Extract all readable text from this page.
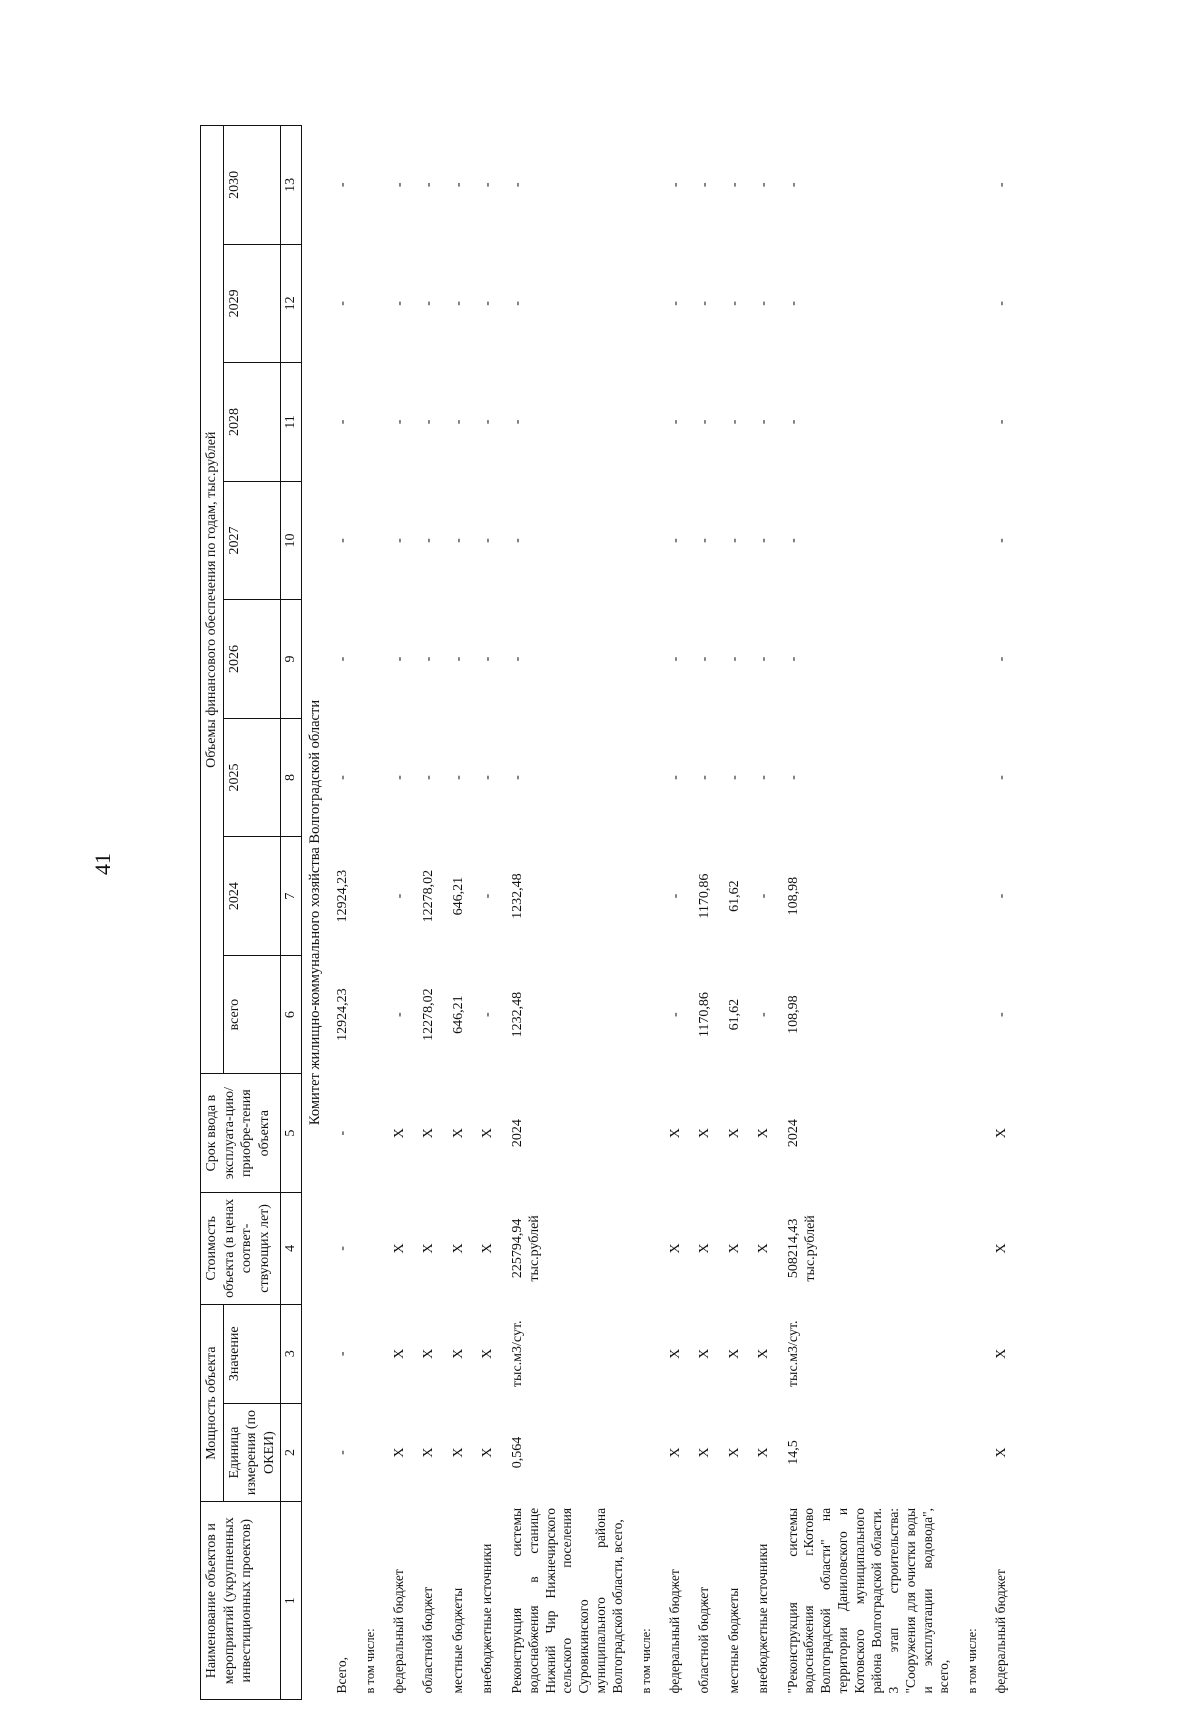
41
Наименование объектов и мероприятий (укрупненных инвестиционных проектов)	Мощность объекта		Стоимость объекта (в ценах соответ-ствующих лет)	Срок ввода в эксплуата-цию/приобре-тения объекта	Объемы финансового обеспечения по годам, тыс.рублей							
	Единица измерения (по ОКЕИ)	Значение			всего	2024	2025	2026	2027	2028	2029	2030
1	2	3	4	5	6	7	8	9	10	11	12	13
Комитет жилищно-коммунального хозяйства Волгоградской области												
Всего,	-	-	-	-	12924,23	12924,23	-	-	-	-	-	-
в том числе:												
федеральный бюджет	X	X	X	X	-	-	-	-	-	-	-	-
областной бюджет	X	X	X	X	12278,02	12278,02	-	-	-	-	-	-
местные бюджеты	X	X	X	X	646,21	646,21	-	-	-	-	-	-
внебюджетные источники	X	X	X	X	-	-	-	-	-	-	-	-
Реконструкция системы водоснабжения в станице Нижний Чир Нижнечирского сельского поселения Суровикинского муниципального района Волгоградской области, всего,	0,564	тыс.м3/сут.	225794,94 тыс.рублей	2024	1232,48	1232,48	-	-	-	-	-	-
в том числе:												
федеральный бюджет	X	X	X	X	-	-	-	-	-	-	-	-
областной бюджет	X	X	X	X	1170,86	1170,86	-	-	-	-	-	-
местные бюджеты	X	X	X	X	61,62	61,62	-	-	-	-	-	-
внебюджетные источники	X	X	X	X	-	-	-	-	-	-	-	-
"Реконструкция системы водоснабжения г.Котово Волгоградской области" на территории Даниловского и Котовского муниципального района Волгоградской области. 3 этап строительства: "Сооружения для очистки воды и эксплуатации водовода", всего,	14,5	тыс.м3/сут.	508214,43 тыс.рублей	2024	108,98	108,98	-	-	-	-	-	-
в том числе:												
федеральный бюджет	X	X	X	X	-	-	-	-	-	-	-	-
